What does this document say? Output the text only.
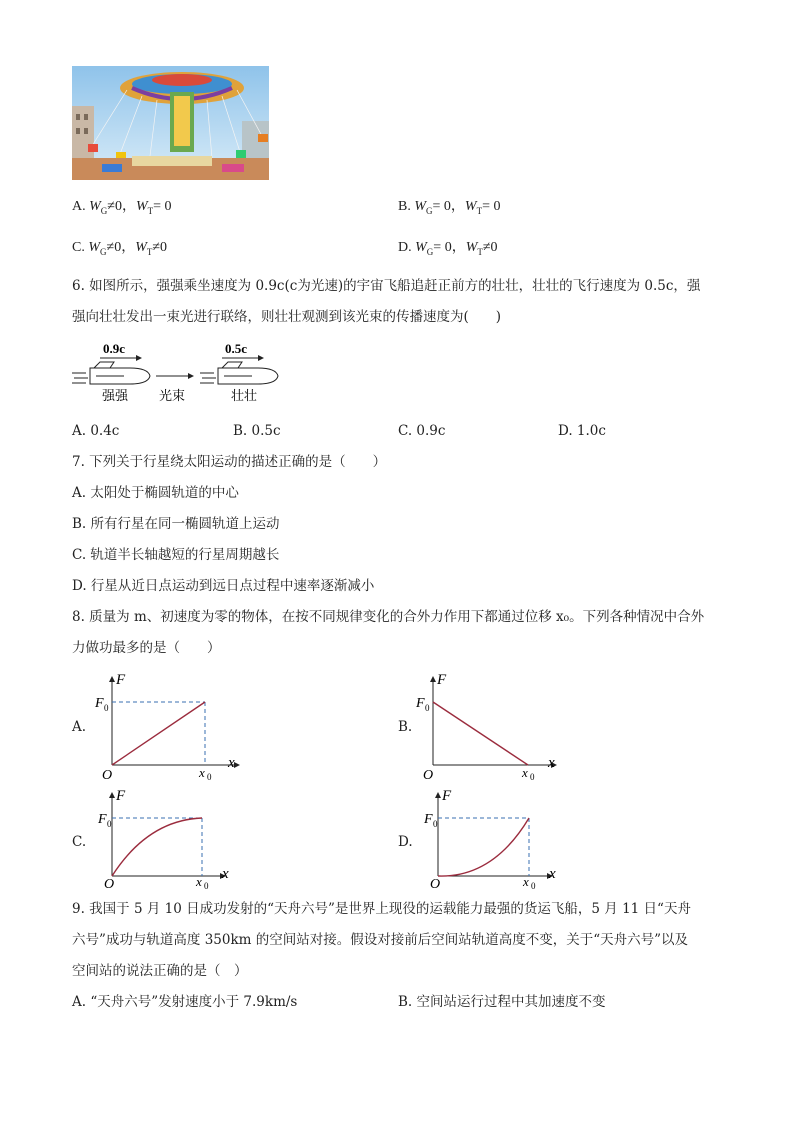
A. $W_G\ne 0$，$W_T= 0$	B. $W_G= 0$，$W_T= 0$
C. $W_G\ne 0$，$W_T\ne 0$	D. $W_G= 0$，$W_T\ne 0$
6. 如图所示，强强乘坐速度为 0.9c(c为光速)的宇宙飞船追赶正前方的壮壮，壮壮的飞行速度为 0.5c，强
强向壮壮发出一束光进行联络，则壮壮观测到该光束的传播速度为(　　)
0.9c	0.5c
强强 光束	壮壮
A. 0.4c	B. 0.5c	C. 0.9c	D. 1.0c
7. 下列关于行星绕太阳运动的描述正确的是（　　）
A. 太阳处于椭圆轨道的中心
B. 所有行星在同一椭圆轨道上运动
C. 轨道半长轴越短的行星周期越长
D. 行星从近日点运动到远日点过程中速率逐渐减小
8. 质量为 m、初速度为零的物体，在按不同规律变化的合外力作用下都通过位移 x₀。下列各种情况中合外
力做功最多的是（　　）
A.	B.
C.	D.
F
F 0
O	x 0
x
F
F 0
O	x 0
x
F
F 0
O	x 0
x
F
F 0
O	x 0
x
9. 我国于 5 月 10 日成功发射的“天舟六号”是世界上现役的运载能力最强的货运飞船，5 月 11 日“天舟
六号”成功与轨道高度 350km 的空间站对接。假设对接前后空间站轨道高度不变，关于“天舟六号”以及
空间站的说法正确的是（　）
A. “天舟六号”发射速度小于 7.9km/s	B. 空间站运行过程中其加速度不变
